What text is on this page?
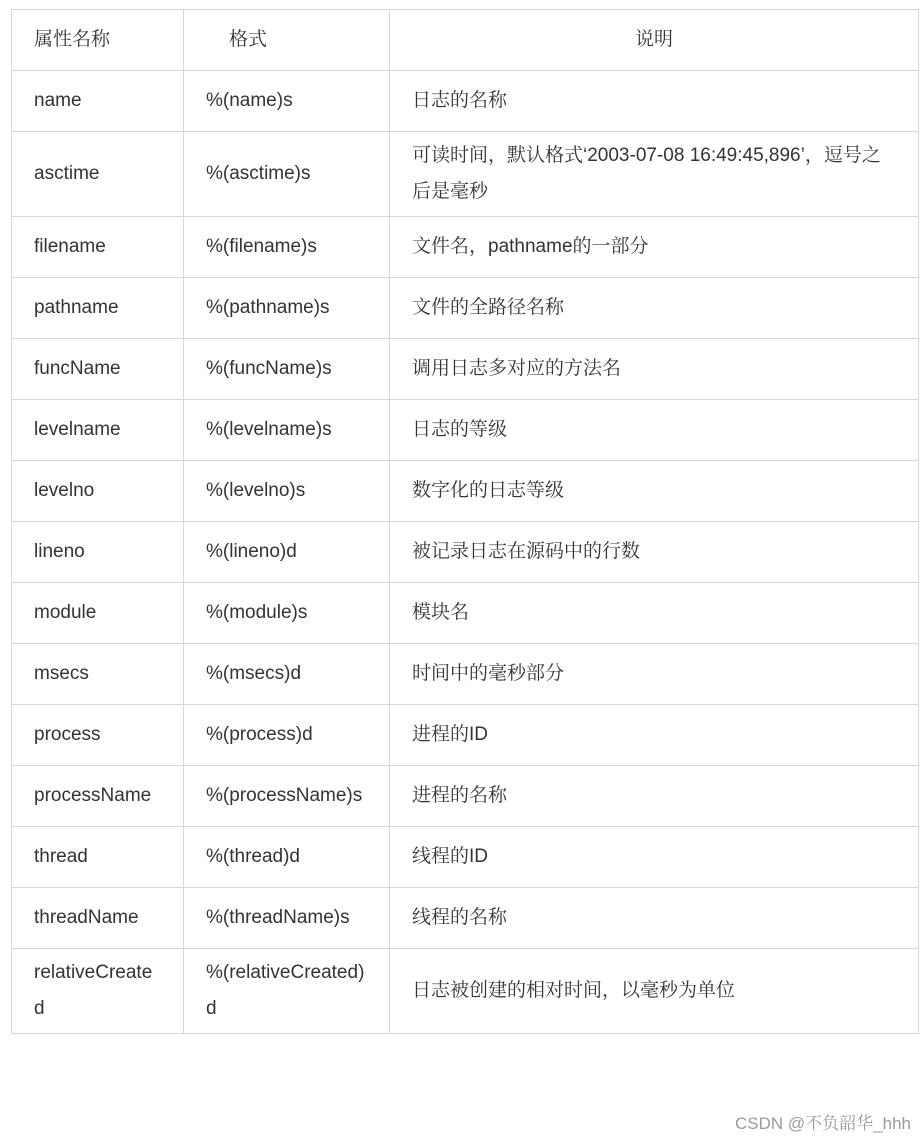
属性名称	格式	说明
name	%(name)s	日志的名称
asctime	%(asctime)s	可读时间，默认格式‘2003-07-08 16:49:45,896’，逗号之后是毫秒
filename	%(filename)s	文件名，pathname的一部分
pathname	%(pathname)s	文件的全路径名称
funcName	%(funcName)s	调用日志多对应的方法名
levelname	%(levelname)s	日志的等级
levelno	%(levelno)s	数字化的日志等级
lineno	%(lineno)d	被记录日志在源码中的行数
module	%(module)s	模块名
msecs	%(msecs)d	时间中的毫秒部分
process	%(process)d	进程的ID
processName	%(processName)s	进程的名称
thread	%(thread)d	线程的ID
threadName	%(threadName)s	线程的名称
relativeCreated	%(relativeCreated)d	日志被创建的相对时间，以毫秒为单位
CSDN @不负韶华_hhh
